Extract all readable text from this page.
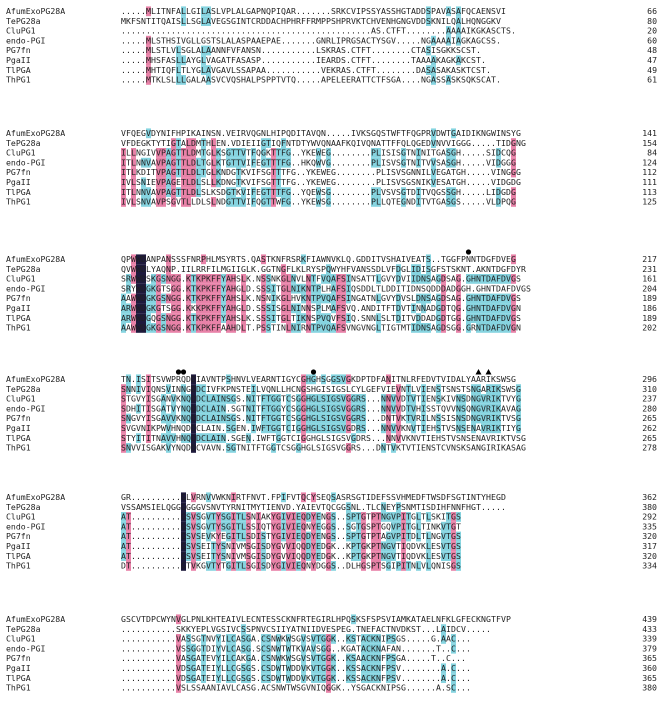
AfumExoPG28A	. . . . . M L I T N F A L L G I L A S L V P L A L G A P N Q P I Q A R . . . . . . . S R K C V I P S S Y A S S H G T A D D S P A V A S A F Q C A E N S V I	66
TePG28a	M K F S N T I T Q A I S L L S G L A V E G S G I N T C R D D A C H P H R F F R M P P S H P R V K T C H V E N H G N G V D D S K N I L Q A L H Q N G G K V	80
CluPG1	. . . . . . . . . . . . . . . . . . . . . . . . . . . . . . . . . . . . . . . . . . . . . . . . . . A S . C T F T . . . . . . . . A A A A I K G K A S C T S .	20
endo-PGI	. . . . . M L S T H S I V G L L G S T S L A L A S P A A E P A E . . . . . . . G N R L I P R G S A C T Y S G V . . . . . N G A A A A I A G K A G C S S .	60
PG7fn	. . . . . M L S T L V L S G L A L A A N N F V F A N S N . . . . . . . . . . . L S K R A S . C T F T . . . . . . . . C T A S I S G K K S C S T .	48
PgaII	. . . . . M H S F A S L L A Y G L V A G A T F A S A S P . . . . . . . . . . . I E A R D S . C T F T . . . . . . . . T A A A A K A G K A K C S T .	47
TlPGA	. . . . . M H T I Q F L T L Y G L A V G A V L S S A P A A . . . . . . . . . . . V E K R A S . C T F T . . . . . . . . D A S A S A K A S K T C S T .	49
ThPG1	. . . . . M T K L S L L L G A L A A S V C V Q S H A L P S P P T V T Q . . . . . A P E L E E R A T T C T F S G A . . . . N G A S S A S K S Q K S C A T .	61
AfumExoPG28A	V F Q E G V D Y N I F H P I K A I N S N . V E I R V Q G N L H I P Q D I T A V Q N . . . . . I V K S G Q S T W F T F Q G P R V D W T G A I D I K N G W I N S Y G	141
TePG28a	V F D E G K T Y T I G T A L D M T H L E N . V D I E I I G T I Q F N T D T Y W V Q N A A F K Q I V Q N A T T F F Q L Q G E D V N V V I G G G . . . . . T I D G N G	154
CluPG1	I L L N G I V V P A G T T L D M T G L K S G T T V T F Q G K T T F G . . Y K E W E G . . . . . . . . P L I S I S G T N I N I T G A S G H . . . . . S I D C Q G	84
endo-PGI	I T L N N V A V P A G T T L D L T G L K T G T T V I F E G T T T F G . . H K Q W V G . . . . . . . . P L I S V S G T N I T V V S A S G H . . . . . V I D G G G	124
PG7fn	I T L K D I T V P A G T T L D L T G L K N D G T K V I F S G T T T F G . . Y K E W E G . . . . . . . . P L I S V S G N N I L V E G A T G H . . . . . V I N G G G	112
PgaII	I V L S N I E V P A G E T L D L S L L K D N G T K V I F S G T T T F G . . Y K E W E G . . . . . . . . P L I S V S G S N I K V E S A T G H . . . . . V I D G D G	111
TlPGA	I T L N N V A V P A G T T L D L S L K S D G T K V I F E G T T T F G . . Y Q E W S G . . . . . . . . P L V S V S G T D I T V Q G S S G H . . . . . L I D G D G	113
ThPG1	I V L S N V A V P S G V T L L D L S L N D G T T V I F Q G T T W F G . . Y K E W S G . . . . . . . . P L L Q T E G N D I T V T G A S G S . . . . . V L D P Q G	125
AfumExoPG28A	Q P W W D A N P A N S S S F N R P H L M S Y R T S . Q A S T K N F R S R K F I A W N V K L Q . G D D I T V S H A I V E A T S . . T G G F P N N T D G F D V E G	217
TePG28a	Q V W W D L Y A Q N P . I I L R R F I L M G I I G L K . G G T N G F L K L R Y S P Q W Y H F V A N S S D L V F D G L I D I S G F S T S K N T . A K N T D G F D Y R	231
CluPG1	S R W W D S K G S N G G . K T K P K F F Y A H S L K . N S S N K G L N V L N T F V Q A F S I N S A T T L G V Y D V I I D N S A G D S A G . G H N T D A F D V G S	161
endo-PGI	S R Y W D G K G T S G G . K T K P K F F Y A H G L D . S S S I T G L N I K N T P L H A F S I Q S D D L T L D D I T I D N S Q D D D A D G G H . G H N T D A F D V G S	204
PG7fn	A A W W D G K G S N G G . K T K P K F F Y A H S L K . N S N I K G L H V K N T P V Q A F S I N G A T N L G V Y D V S L D N S A G D S A G . G H N T D A F D V G S	189
PgaII	A R W W D G K G T S G G . K K K P K F F Y A H G L D . S S S I S G L N I N N S P L M A F S V Q . A N D I T F T D V T I N N A D G D T Q G . G H N T D A F D V G N	186
TlPGA	A R W W D G Q G S N G G . K T K P K F F Y A H S L K . S S S I T G L T I K N S P V Q V F S I Q . S N N L S L T D I T V D D A D G D T G G . G H N T D A F D V G S	189
ThPG1	A A W W D G K G S N G G . K T K P K F F A A H D L T . P S S T I N L N I R N T P V Q A F S V N G V N G L T I G T M T I D N S A G D S G G . G R N T D A F D V G N	202
AfumExoPG28A	T N . I S I T S V W P R Q D D I A V N T P S H N V L V E A R N T I G Y C G H G H S G G S V G K D P T D F A N I T N L R F E D V T V I D A L Y A A R I K S W S G	296
TePG28a	S N N I V I Q N S V I N N G D D C I V F K P N S T E I L V Q N L L H C N G S H G I S I G S L C Y L G E F V I E V N T L V I E N S T S N S T S N G A R I K S W S G	310
CluPG1	S T G V Y I S G A N V K N Q D D C L A I N S G S . N I T F T G G T C S G G H G L S I G S V G G R S . . . N N V V D T V T I E N S K I V N S D N G V R I K T V Y G	237
endo-PGI	S D H I T I S G A T V Y N Q D D C L A I N . S G T N I T F T G G Y C S G G H G L S I G S V G G R S . . . N N V V D T V H I S S T Q V V N S Q N G V R I K A V A G	280
PG7fn	S N G V Y I S G A V V K N Q D D C L A I N S G S . N I T F T G G T C S G G H G L S I G S V G G R S . . . D N T V K T V R I L N S S I S N S D N G V R I K T V S G	265
PgaII	S V G V N I K P W V H N Q D D C L A I N . S G E N . I W F T G G T C I G G H G L S I G S V G D R S . . . N N V V K N V T I E H S T V S N S E N A V R I K T I Y G	262
TlPGA	S T Y I T I T N A V V H N Q D D C L A I N . S G E N . I W F T G G T C I G G H G L S I G S V G D R S . . . N N V V K N V T I E H S T V S N S E N A V R I K T V S G	265
ThPG1	S N V V I S G A K V Y N Q D D C V A V N . S G T N I T F T G G T C S G G H G L S I G S V G G R S . . . D N T V K T V T I E N S T C V N S K S A N G I R I K A S A G	278
AfumExoPG28A	G R . . . . . . . . . . G L V R N V V W K N I R T F N V T . F P I F V T Q C Y S E Q S A S R S G T I D E F S S V H M E D F T W S D F S G T I N T Y H E G D	362
TePG28a	V S S A M S I E L Q G G G G G G V S N V T Y R N I T M Y T I E N V D . Y A I E V T Q C G G S N L . T L C N E Y P S N M T I S D I H F N N F H G T . . . . .	380
CluPG1	A T . . . . . . . . . . G S V S G V T Y S G I T L S N I A K Y G I V I E Q D Y E N G S . . S P T G T P T N G V P I T G L T L S K I T G S	292
endo-PGI	A T . . . . . . . . . . G S V S G V T Y S G I T L S S I Q T Y G I V I E Q N Y E G G S . . S G T G S P T G Q V P I T G L T I N K V T G T	335
PG7fn	A T . . . . . . . . . . G S V S E V K Y E G I T L S D I S T Y G I V I E Q D Y E N G S . . S P T G T P T A G V P I T D L T L N G V T G S	320
PgaII	A T . . . . . . . . . . G S V S E I T Y S N I V M S G I S D Y G V V I Q Q D Y E D G K . . K P T G K P T N G V T I Q D V K L E S V T G S	317
TlPGA	A T . . . . . . . . . . G S V S E I T Y S N I V M S G I S D Y G V V I Q Q D Y E D G K . . K P T G K P T N G V T I Q D V K L E S V T G S	320
ThPG1	D T . . . . . . . . . . G T V K G V T Y T G I T L S G I S D Y G I V I E Q N Y D G G S . . D L H G S P T S G I P I T N L V L Q N I S G S	334
AfumExoPG28A	G S C V T D P C W Y N V G L P N L K H T E A I V L E C N T E S S C K N F R T E G I R L H P Q S K S F S P S V I A M K A T A E L N F K L G F E C K N G T F V P	439
TePG28a	. . . . . . . . . . . S K K Y E P L V G S I V C S S P N V C S I I Y A T N I I D V E S P E G . T N E F A C T N V D K S T . . . L A I D C V . . . . .	433
CluPG1	. . . . . . . . . . . V A S S G T N V Y I L C A S G A . C S N W K W S G V S V T G G K . . K S T A C K N I P S G S . . . . . G . A A C . . .	339
endo-PGI	. . . . . . . . . . . V S S G G T D I Y V L C A S G . S C S N W T W T K V A V S G G . . K G A T A C K N A F A N . . . . . . . T . . C . . .	379
PG7fn	. . . . . . . . . . . V A S G A T E V Y I L C A K G A . C S N W K W S G V S V T G G K . . K S A A C K N F P S G A . . . . . T . . C . . .	365
PgaII	. . . . . . . . . . . V D S G A T E I Y L L C G S G S . C S D W T W D D V K V T G G K . . K S S A C K N F P S V . . . . . . . . A . C . . .	360
TlPGA	. . . . . . . . . . . V D S G A T E I Y L L C G S G S . C S D W T W D D V K V T G G K . . K S S A C K N F P S V . . . . . . . . A . C . . .	365
ThPG1	. . . . . . . . . . . V S L S S A A N I A V L C A S G . A C S N W T W S G V N I Q G G K . . Y S G A C K N I P S G . . . . . . A . S C . . .	380
